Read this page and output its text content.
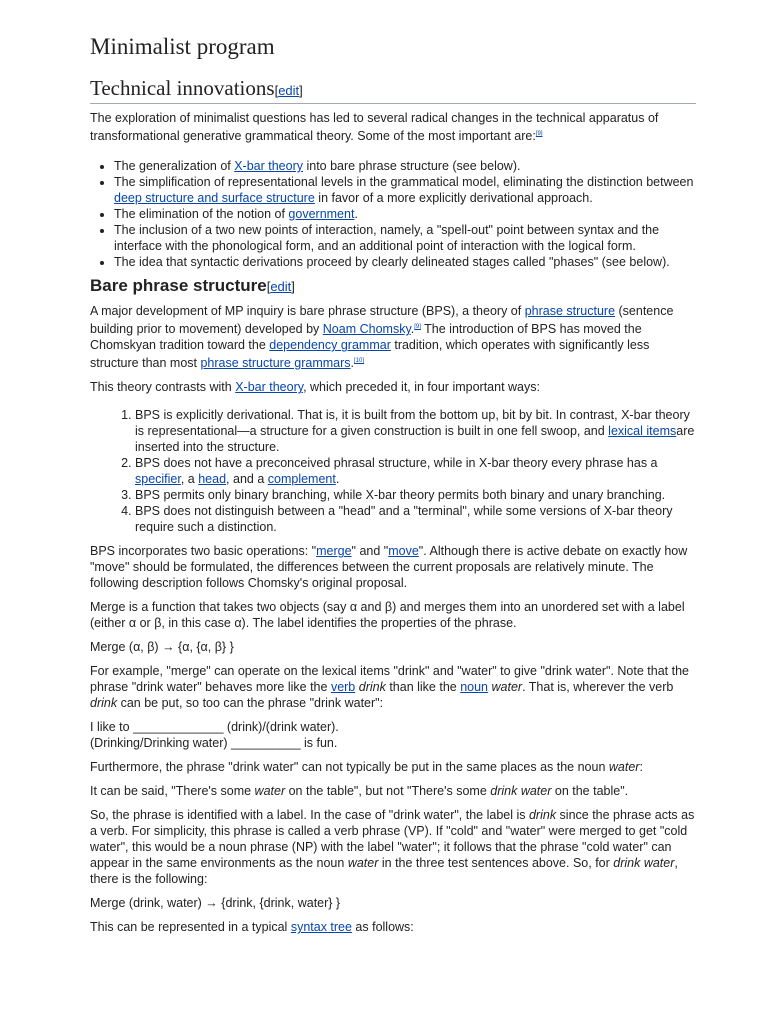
Minimalist program
Technical innovations[edit]

The exploration of minimalist questions has led to several radical changes in the technical apparatus of transformational generative grammatical theory. Some of the most important are:[9]

• The generalization of X-bar theory into bare phrase structure (see below).
• The simplification of representational levels in the grammatical model, eliminating the distinction between deep structure and surface structure in favor of a more explicitly derivational approach.
• The elimination of the notion of government.
• The inclusion of a two new points of interaction, namely, a "spell-out" point between syntax and the interface with the phonological form, and an additional point of interaction with the logical form.
• The idea that syntactic derivations proceed by clearly delineated stages called "phases" (see below).
Bare phrase structure[edit]

A major development of MP inquiry is bare phrase structure (BPS), a theory of phrase structure (sentence building prior to movement) developed by Noam Chomsky.[9] The introduction of BPS has moved the Chomskyan tradition toward the dependency grammar tradition, which operates with significantly less structure than most phrase structure grammars.[10]

This theory contrasts with X-bar theory, which preceded it, in four important ways:

1. BPS is explicitly derivational. That is, it is built from the bottom up, bit by bit. In contrast, X-bar theory is representational—a structure for a given construction is built in one fell swoop, and lexical itemsare inserted into the structure.
2. BPS does not have a preconceived phrasal structure, while in X-bar theory every phrase has a specifier, a head, and a complement.
3. BPS permits only binary branching, while X-bar theory permits both binary and unary branching.
4. BPS does not distinguish between a "head" and a "terminal", while some versions of X-bar theory require such a distinction.

BPS incorporates two basic operations: "merge" and "move". Although there is active debate on exactly how "move" should be formulated, the differences between the current proposals are relatively minute. The following description follows Chomsky's original proposal.

Merge is a function that takes two objects (say α and β) and merges them into an unordered set with a label (either α or β, in this case α). The label identifies the properties of the phrase.

Merge (α, β) → {α, {α, β} }

For example, "merge" can operate on the lexical items "drink" and "water" to give "drink water". Note that the phrase "drink water" behaves more like the verb drink than like the noun water. That is, wherever the verb drink can be put, so too can the phrase "drink water":

I like to _____________ (drink)/(drink water).
(Drinking/Drinking water) __________ is fun.

Furthermore, the phrase "drink water" can not typically be put in the same places as the noun water:

It can be said, "There's some water on the table", but not "There's some drink water on the table".

So, the phrase is identified with a label. In the case of "drink water", the label is drink since the phrase acts as a verb. For simplicity, this phrase is called a verb phrase (VP). If "cold" and "water" were merged to get "cold water", this would be a noun phrase (NP) with the label "water"; it follows that the phrase "cold water" can appear in the same environments as the noun water in the three test sentences above. So, for drink water, there is the following:

Merge (drink, water) → {drink, {drink, water} }

This can be represented in a typical syntax tree as follows:
